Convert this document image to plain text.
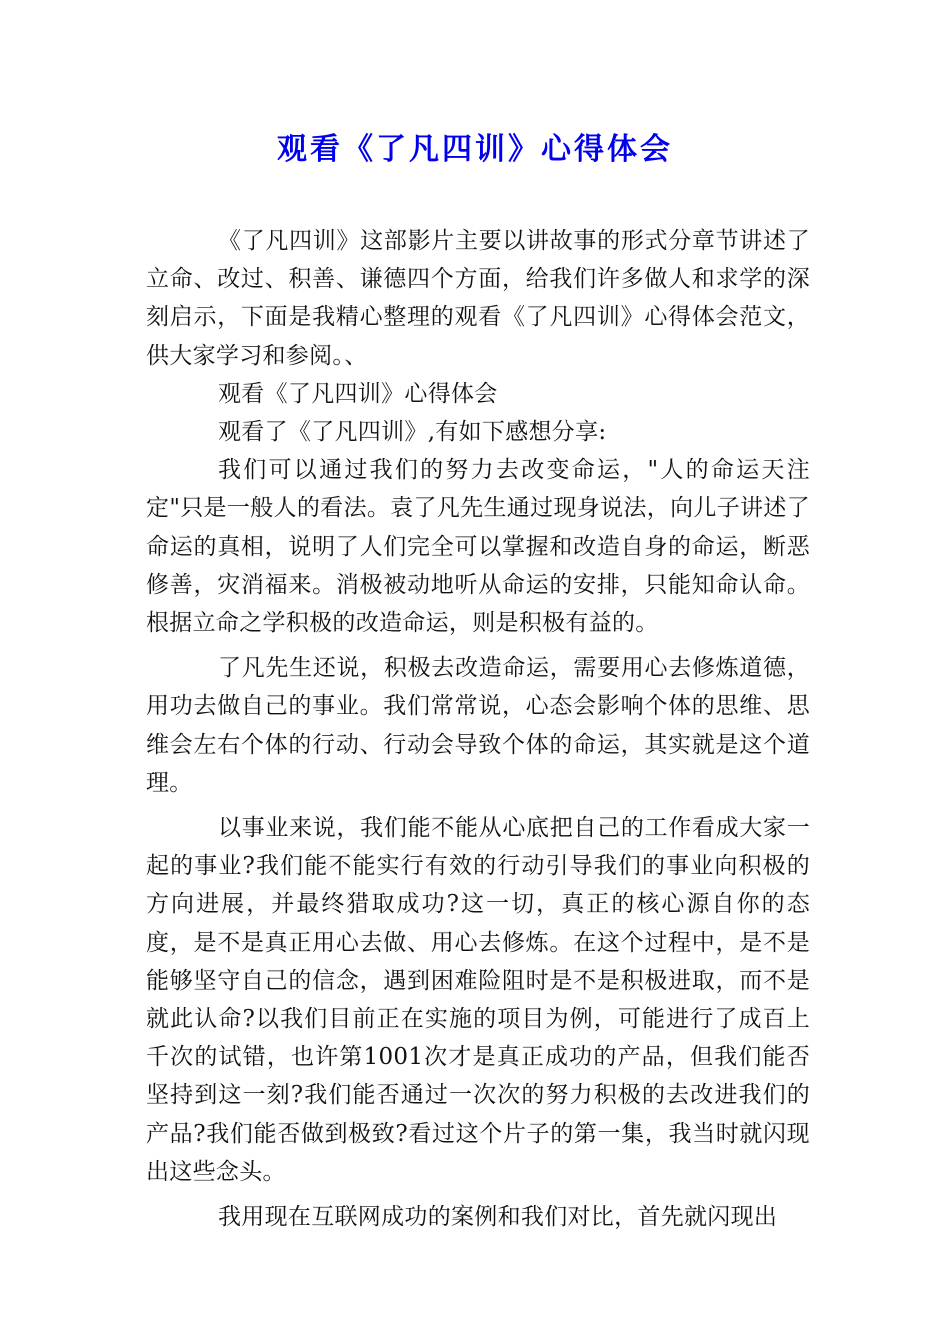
观看《了凡四训》心得体会

《了凡四训》这部影片主要以讲故事的形式分章节讲述了立命、改过、积善、谦德四个方面，给我们许多做人和求学的深刻启示，下面是我精心整理的观看《了凡四训》心得体会范文，供大家学习和参阅。、

观看《了凡四训》心得体会

观看了《了凡四训》,有如下感想分享:

我们可以通过我们的努力去改变命运，"人的命运天注定"只是一般人的看法。袁了凡先生通过现身说法，向儿子讲述了命运的真相，说明了人们完全可以掌握和改造自身的命运，断恶修善，灾消福来。消极被动地听从命运的安排，只能知命认命。根据立命之学积极的改造命运，则是积极有益的。

了凡先生还说，积极去改造命运，需要用心去修炼道德，用功去做自己的事业。我们常常说，心态会影响个体的思维、思维会左右个体的行动、行动会导致个体的命运，其实就是这个道理。

以事业来说，我们能不能从心底把自己的工作看成大家一起的事业?我们能不能实行有效的行动引导我们的事业向积极的方向进展，并最终猎取成功?这一切，真正的核心源自你的态度，是不是真正用心去做、用心去修炼。在这个过程中，是不是能够坚守自己的信念，遇到困难险阻时是不是积极进取，而不是就此认命?以我们目前正在实施的项目为例，可能进行了成百上千次的试错，也许第1001次才是真正成功的产品，但我们能否坚持到这一刻?我们能否通过一次次的努力积极的去改进我们的产品?我们能否做到极致?看过这个片子的第一集，我当时就闪现出这些念头。

我用现在互联网成功的案例和我们对比，首先就闪现出
